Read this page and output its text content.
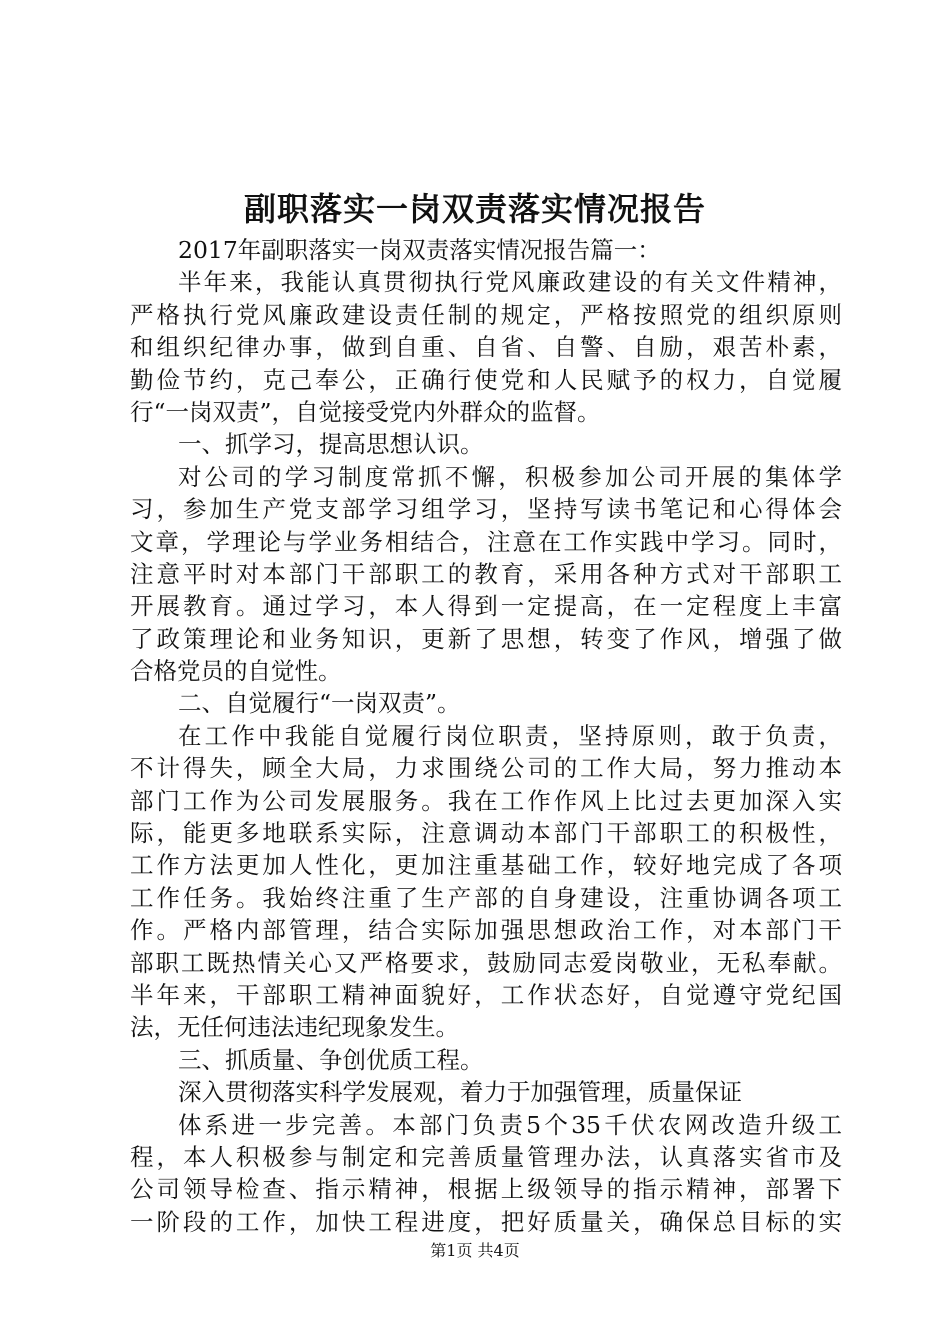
副职落实一岗双责落实情况报告
2017年副职落实一岗双责落实情况报告篇一：
半年来，我能认真贯彻执行党风廉政建设的有关文件精神，
严格执行党风廉政建设责任制的规定，严格按照党的组织原则
和组织纪律办事，做到自重、自省、自警、自励，艰苦朴素，
勤俭节约，克己奉公，正确行使党和人民赋予的权力，自觉履
行“一岗双责”，自觉接受党内外群众的监督。
一、抓学习，提高思想认识。
对公司的学习制度常抓不懈，积极参加公司开展的集体学
习，参加生产党支部学习组学习，坚持写读书笔记和心得体会
文章，学理论与学业务相结合，注意在工作实践中学习。同时，
注意平时对本部门干部职工的教育，采用各种方式对干部职工
开展教育。通过学习，本人得到一定提高，在一定程度上丰富
了政策理论和业务知识，更新了思想，转变了作风，增强了做
合格党员的自觉性。
二、自觉履行“一岗双责”。
在工作中我能自觉履行岗位职责，坚持原则，敢于负责，
不计得失，顾全大局，力求围绕公司的工作大局，努力推动本
部门工作为公司发展服务。我在工作作风上比过去更加深入实
际，能更多地联系实际，注意调动本部门干部职工的积极性，
工作方法更加人性化，更加注重基础工作，较好地完成了各项
工作任务。我始终注重了生产部的自身建设，注重协调各项工
作。严格内部管理，结合实际加强思想政治工作，对本部门干
部职工既热情关心又严格要求，鼓励同志爱岗敬业，无私奉献。
半年来，干部职工精神面貌好，工作状态好，自觉遵守党纪国
法，无任何违法违纪现象发生。
三、抓质量、争创优质工程。
深入贯彻落实科学发展观，着力于加强管理，质量保证
体系进一步完善。本部门负责5个35千伏农网改造升级工
程，本人积极参与制定和完善质量管理办法，认真落实省市及
公司领导检查、指示精神，根据上级领导的指示精神，部署下
一阶段的工作，加快工程进度，把好质量关，确保总目标的实
第1页 共4页
